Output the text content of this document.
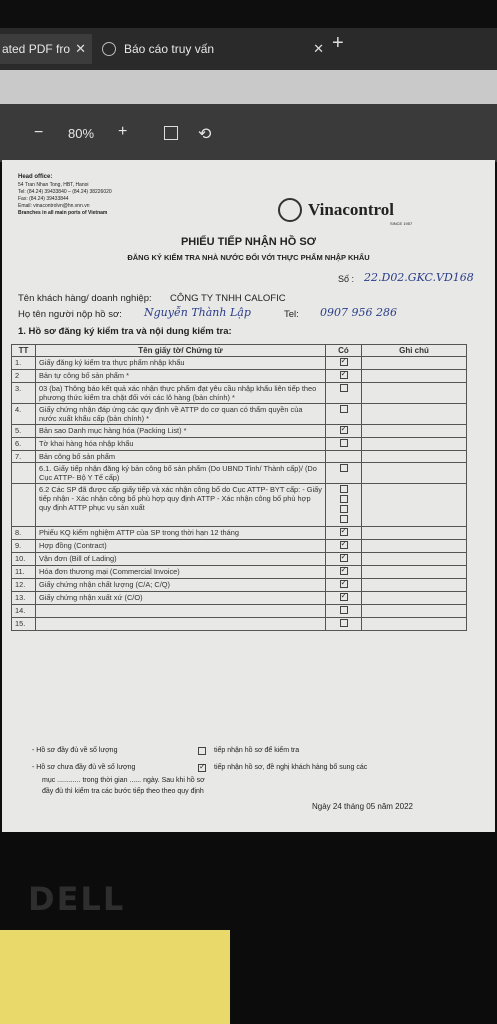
ated PDF fro ✕	Báo cáo truy vấn	✕ +
− 80% +	⟲
Head office:
54 Tran Nhan Tong, HBT, Hanoi
Tel: (84.24) 39433840 – (84.24) 38226020
Fax: (84.24) 39433844
Email: vinacontrolvn@hn.vnn.vn
Branches in all main ports of Vietnam	Vinacontrol
SINCE 1957
PHIẾU TIẾP NHẬN HỒ SƠ
ĐĂNG KÝ KIỂM TRA NHÀ NƯỚC ĐỐI VỚI THỰC PHẨM NHẬP KHẨU
Số : 22.D02.GKC.VD168
Tên khách hàng/ doanh nghiệp: CÔNG TY TNHH CALOFIC
Họ tên người nộp hồ sơ: Nguyễn Thành Lập	Tel: 0907 956 286
1. Hồ sơ đăng ký kiểm tra và nội dung kiểm tra:
TT	Tên giấy tờ/ Chứng từ	Có	Ghi chú
1.	Giấy đăng ký kiểm tra thực phẩm nhập khẩu	✓

2	Bản tự công bố sản phẩm *	✓

3.	03 (ba) Thông báo kết quả xác nhận thực phẩm đạt yêu cầu nhập khẩu liên tiếp theo phương thức kiểm tra chặt đối với các lô hàng (bản chính) *	

4.	Giấy chứng nhận đáp ứng các quy định về ATTP do cơ quan có thẩm quyền của nước xuất khẩu cấp (bản chính) *	

5.	Bản sao Danh mục hàng hóa (Packing List) *	✓

6.	Tờ khai hàng hóa nhập khẩu	

7.	Bản công bố sản phẩm		
	6.1. Giấy tiếp nhận đăng ký bản công bố sản phẩm (Do UBND Tỉnh/ Thành cấp)/ (Do Cục ATTP- Bộ Y Tế cấp)	

	6.2 Các SP đã được cấp giấy tiếp và xác nhận công bố do Cục ATTP- BYT cấp: - Giấy tiếp nhận - Xác nhận công bố phù hợp quy định ATTP - Xác nhận công bố phù hợp quy định ATTP phục vụ sản xuất	

8.	Phiếu KQ kiểm nghiệm ATTP của SP trong thời hạn 12 tháng	✓

9.	Hợp đồng (Contract)	✓

10.	Vận đơn (Bill of Lading)	✓

11.	Hóa đơn thương mại (Commercial Invoice)	✓

12.	Giấy chứng nhận chất lượng (C/A; C/Q)	✓

13.	Giấy chứng nhận xuất xứ (C/O)	✓

14.		

15.		

- Hồ sơ đầy đủ về số lượng	tiếp nhận hồ sơ để kiểm tra
- Hồ sơ chưa đầy đủ về số lượng ✓	tiếp nhận hồ sơ, đề nghị khách hàng bổ sung các
mục ............ trong thời gian ...... ngày. Sau khi hồ sơ
đầy đủ thì kiểm tra các bước tiếp theo theo quy định
Ngày 24 tháng 05 năm 2022
DELL
